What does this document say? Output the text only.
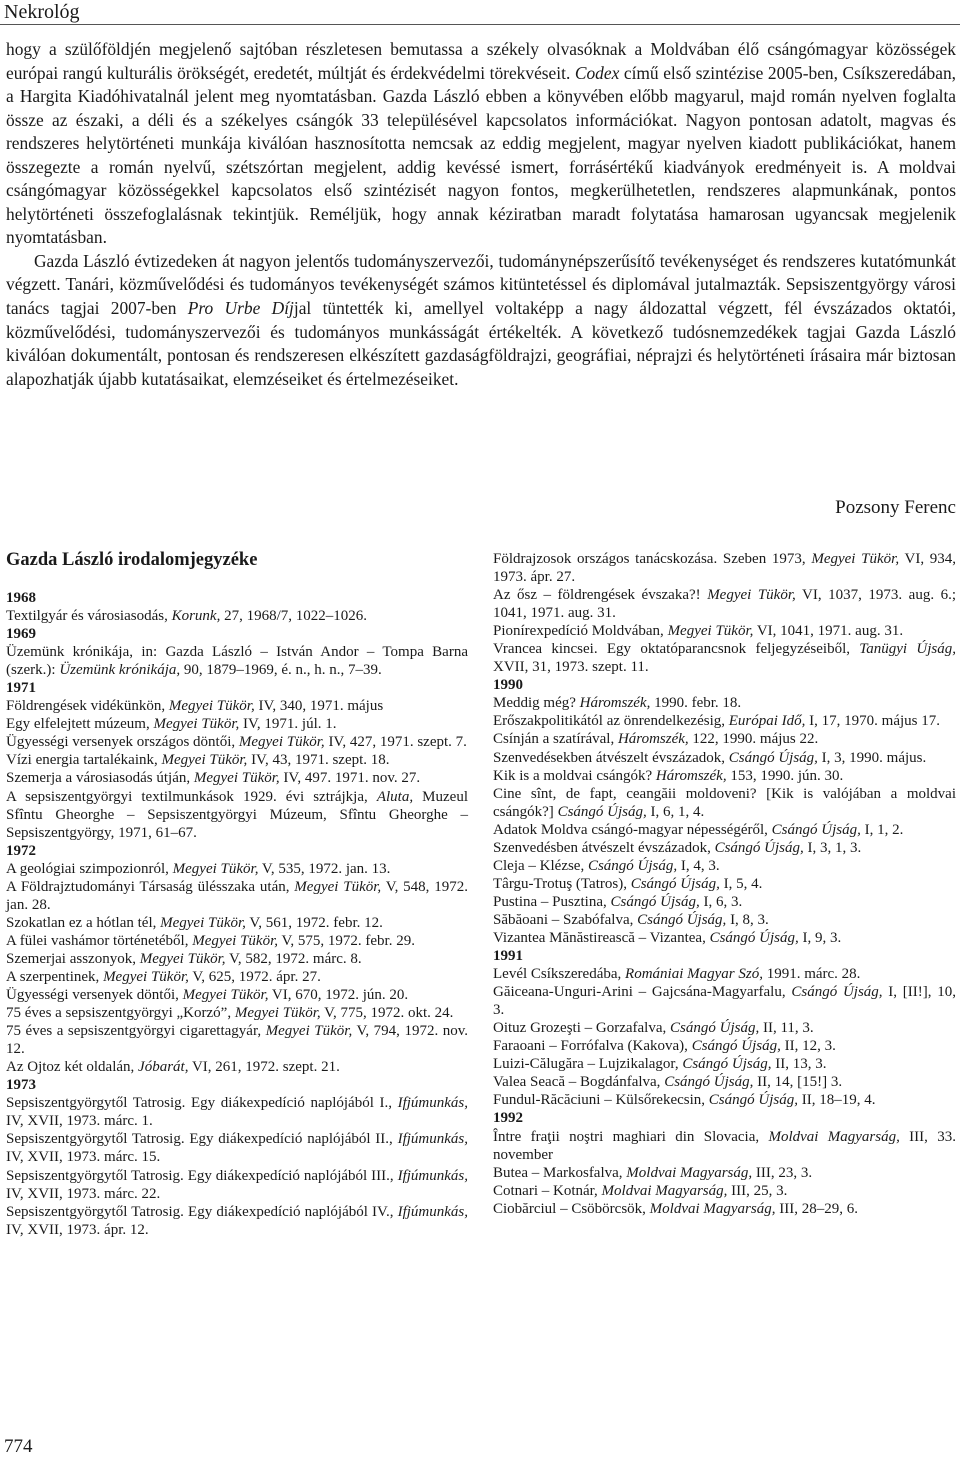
Nekrológ

hogy a szülőföldjén megjelenő sajtóban részletesen bemutassa a székely olvasóknak a Moldvában élő csángómagyar közösségek európai rangú kulturális örökségét, eredetét, múltját és érdekvédelmi törekvéseit. Codex című első szintézise 2005-ben, Csíkszeredában, a Hargita Kiadóhivatalnál jelent meg nyomtatásban. Gazda László ebben a könyvében előbb magyarul, majd román nyelven foglalta össze az északi, a déli és a székelyes csángók 33 településével kapcsolatos információkat. Nagyon pontosan adatolt, magvas és rendszeres helytörténeti munkája kiválóan hasznosította nemcsak az eddig megjelent, magyar nyelven kiadott publikációkat, hanem összegezte a román nyelvű, szétszórtan megjelent, addig kevéssé ismert, forrásértékű kiadványok eredményeit is. A moldvai csángómagyar közösségekkel kapcsolatos első szintézisét nagyon fontos, megkerülhetetlen, rendszeres alapmunkának, pontos helytörténeti összefoglalásnak tekintjük. Reméljük, hogy annak kéziratban maradt folytatása hamarosan ugyancsak megjelenik nyomtatásban.

Gazda László évtizedeken át nagyon jelentős tudományszervezői, tudománynépszerűsítő tevékenységet és rendszeres kutatómunkát végzett. Tanári, közművelődési és tudományos tevékenységét számos kitüntetéssel és diplomával jutalmazták. Sepsiszentgyörgy városi tanács tagjai 2007-ben Pro Urbe Díjjal tüntették ki, amellyel voltaképp a nagy áldozattal végzett, fél évszázados oktatói, közművelődési, tudományszervezői és tudományos munkásságát értékelték. A következő tudósnemzedékek tagjai Gazda László kiválóan dokumentált, pontosan és rendszeresen elkészített gazdaságföldrajzi, geográfiai, néprajzi és helytörténeti írásaira már biztosan alapozhatják újabb kutatásaikat, elemzéseiket és értelmezéseiket.

Pozsony Ferenc
Gazda László irodalomjegyzéke
1968
Textilgyár és városiasodás, Korunk, 27, 1968/7, 1022–1026.
1969
Üzemünk krónikája, in: Gazda László – István Andor – Tompa Barna (szerk.): Üzemünk krónikája, 90, 1879–1969, é. n., h. n., 7–39.
1971
Földrengések vidékünkön, Megyei Tükör, IV, 340, 1971. május
Egy elfelejtett múzeum, Megyei Tükör, IV, 1971. júl. 1.
Ügyességi versenyek országos döntői, Megyei Tükör, IV, 427, 1971. szept. 7.
Vízi energia tartalékaink, Megyei Tükör, IV, 43, 1971. szept. 18.
Szemerja a városiasodás útján, Megyei Tükör, IV, 497. 1971. nov. 27.
A sepsiszentgyörgyi textilmunkások 1929. évi sztrájkja, Aluta, Muzeul Sfîntu Gheorghe – Sepsiszentgyörgyi Múzeum, Sfîntu Gheorghe – Sepsiszentgyörgy, 1971, 61–67.
1972
A geológiai szimpozionról, Megyei Tükör, V, 535, 1972. jan. 13.
A Földrajztudományi Társaság ülésszaka után, Megyei Tükör, V, 548, 1972. jan. 28.
Szokatlan ez a hótlan tél, Megyei Tükör, V, 561, 1972. febr. 12.
A fülei vashámor történetéből, Megyei Tükör, V, 575, 1972. febr. 29.
Szemerjai asszonyok, Megyei Tükör, V, 582, 1972. márc. 8.
A szerpentinek, Megyei Tükör, V, 625, 1972. ápr. 27.
Ügyességi versenyek döntői, Megyei Tükör, VI, 670, 1972. jún. 20.
75 éves a sepsiszentgyörgyi „Korzó”, Megyei Tükör, V, 775, 1972. okt. 24.
75 éves a sepsiszentgyörgyi cigarettagyár, Megyei Tükör, V, 794, 1972. nov. 12.
Az Ojtoz két oldalán, Jóbarát, VI, 261, 1972. szept. 21.
1973
Sepsiszentgyörgytől Tatrosig. Egy diákexpedíció naplójából I., Ifjúmunkás, IV, XVII, 1973. márc. 1.
Sepsiszentgyörgytől Tatrosig. Egy diákexpedíció naplójából II., Ifjúmunkás, IV, XVII, 1973. márc. 15.
Sepsiszentgyörgytől Tatrosig. Egy diákexpedíció naplójából III., Ifjúmunkás, IV, XVII, 1973. márc. 22.
Sepsiszentgyörgytől Tatrosig. Egy diákexpedíció naplójából IV., Ifjúmunkás, IV, XVII, 1973. ápr. 12.
Földrajzosok országos tanácskozása. Szeben 1973, Megyei Tükör, VI, 934, 1973. ápr. 27.
Az ősz – földrengések évszaka?! Megyei Tükör, VI, 1037, 1973. aug. 6.; 1041, 1971. aug. 31.
Pionírexpedíció Moldvában, Megyei Tükör, VI, 1041, 1971. aug. 31.
Vrancea kincsei. Egy oktatóparancsnok feljegyzéseiből, Tanügyi Újság, XVII, 31, 1973. szept. 11.
1990
Meddig még? Háromszék, 1990. febr. 18.
Erőszakpolitikától az önrendelkezésig, Európai Idő, I, 17, 1970. május 17.
Csínján a szatírával, Háromszék, 122, 1990. május 22.
Szenvedésekben átvészelt évszázadok, Csángó Újság, I, 3, 1990. május.
Kik is a moldvai csángók? Háromszék, 153, 1990. jún. 30.
Cine sînt, de fapt, ceangăii moldoveni? [Kik is valójában a moldvai csángók?] Csángó Újság, I, 6, 1, 4.
Adatok Moldva csángó-magyar népességéről, Csángó Újság, I, 1, 2.
Szenvedésben átvészelt évszázadok, Csángó Újság, I, 3, 1, 3.
Cleja – Klézse, Csángó Újság, I, 4, 3.
Târgu-Trotuş (Tatros), Csángó Újság, I, 5, 4.
Pustina – Pusztina, Csángó Újság, I, 6, 3.
Săbăoani – Szabófalva, Csángó Újság, I, 8, 3.
Vizantea Mănăstirească – Vizantea, Csángó Újság, I, 9, 3.
1991
Levél Csíkszeredába, Romániai Magyar Szó, 1991. márc. 28.
Găiceana-Unguri-Arini – Gajcsána-Magyarfalu, Csángó Újság, I, [II!], 10, 3.
Oituz Grozeşti – Gorzafalva, Csángó Újság, II, 11, 3.
Faraoani – Forrófalva (Kakova), Csángó Újság, II, 12, 3.
Luizi-Călugăra – Lujzikalagor, Csángó Újság, II, 13, 3.
Valea Seacă – Bogdánfalva, Csángó Újság, II, 14, [15!] 3.
Fundul-Răcăciuni – Külsőrekecsin, Csángó Újság, II, 18–19, 4.
1992
Între fraţii noştri maghiari din Slovacia, Moldvai Magyarság, III, 33. november
Butea – Markosfalva, Moldvai Magyarság, III, 23, 3.
Cotnari – Kotnár, Moldvai Magyarság, III, 25, 3.
Ciobărciul – Csöbörcsök, Moldvai Magyarság, III, 28–29, 6.
774
